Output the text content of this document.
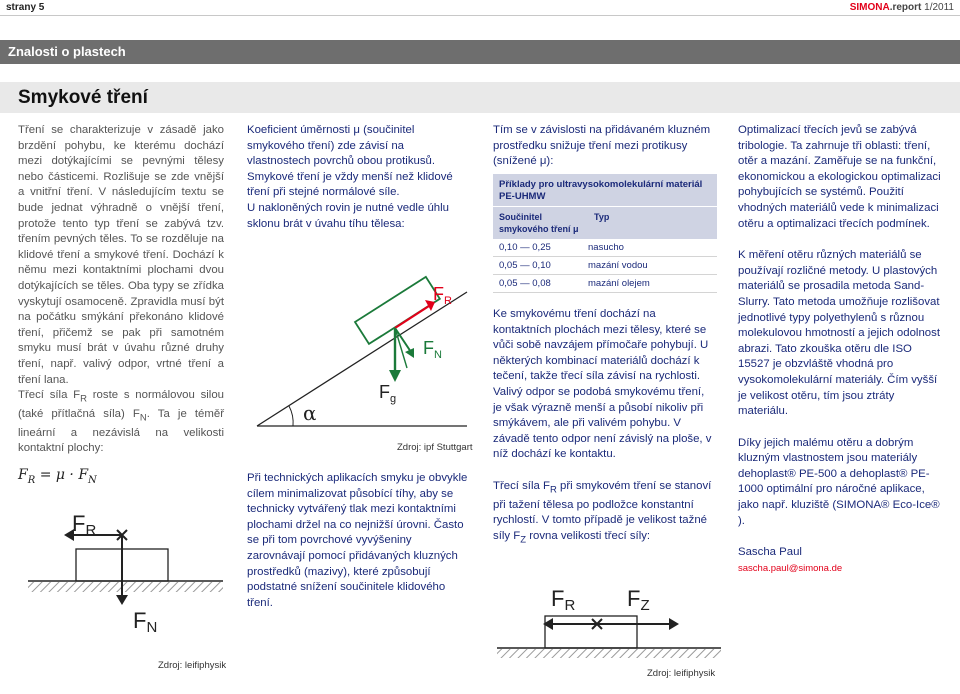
strany 5	SIMONA.report 1/2011
Znalosti o plastech
Smykové tření

Tření se charakterizuje v zásadě jako brzdění pohybu, ke kterému dochází mezi dotýkajícími se pevnými tělesy nebo částicemi. Rozlišuje se zde vnější a vnitřní tření. V následujícím textu se bude jednat výhradně o vnější tření, protože tento typ tření se zabývá tzv. třením pevných těles. To se rozděluje na klidové tření a smykové tření. Dochází k němu mezi kontaktními plochami dvou dotýkajících se těles. Oba typy se zřídka vyskytují osamoceně. Zpravidla musí být na počátku smýkání překonáno klidové tření, přičemž se pak při samotném smyku musí brát v úvahu různé druhy tření, např. valivý odpor, vrtné tření a tření lana.

Třecí síla $F_R$ roste s normálovou silou (také přítlačná síla) $F_N$. Ta je téměř lineární a nezávislá na velikosti kontaktní plochy:

$F_R = \mu \cdot F_N$
FR
FN
Zdroj: leifiphysik

Koeficient úměrnosti μ (součinitel smykového tření) zde závisí na vlastnostech povrchů obou protikusů. Smykové tření je vždy menší než klidové tření při stejné normálové síle.

U nakloněných rovin je nutné vedle úhlu sklonu brát v úvahu tíhu tělesa:

α
$F_R$
$F_N$
$F_g$
Zdroj: ipf Stuttgart

Při technických aplikacích smyku je obvykle cílem minimalizovat působící tíhy, aby se technicky vytvářený tlak mezi kontaktními plochami držel na co nejnižší úrovni. Často se při tom povrchové vyvýšeniny zarovnávají pomocí přidávaných kluzných prostředků (mazivy), které způsobují podstatné snížení součinitele klidového tření.

Tím se v závislosti na přidávaném kluzném prostředku snižuje tření mezi protikusy (snížené μ):

Příklady pro ultravysokomolekulární materiál PE-UHMW
Součinitel smykového tření μ
Typ
0,10 — 0,25	nasucho
0,05 — 0,10	mazání vodou
0,05 — 0,08	mazání olejem

Ke smykovému tření dochází na kontaktních plochách mezi tělesy, které se vůči sobě navzájem přímočaře pohybují. U některých kombinací materiálů dochází k tečení, takže třecí síla závisí na rychlosti. Valivý odpor se podobá smykovému tření, je však výrazně menší a působí nikoliv při smýkávem, ale při valivém pohybu. V závadě tento odpor není závislý na ploše, v níž dochází ke kontaktu.

Třecí síla $F_R$ při smykovém tření se stanoví při tažení tělesa po podložce konstantní rychlostí. V tomto případě je velikost tažné síly $F_Z$ rovna velikosti třecí síly:

FR FZ
Zdroj: leifiphysik

Optimalizací třecích jevů se zabývá tribologie. Ta zahrnuje tři oblasti: tření, otěr a mazání. Zaměřuje se na funkční, ekonomickou a ekologickou optimalizaci pohybujících se systémů. Použití vhodných materiálů vede k minimalizaci otěru a optimalizaci třecích podmínek.

K měření otěru různých materiálů se používají rozličné metody. U plastových materiálů se prosadila metoda Sand-Slurry. Tato metoda umožňuje rozlišovat jednotlivé typy polyethylenů s různou molekulovou hmotností a jejich odolnost abrazi. Tato zkouška otěru dle ISO 15527 je obzvláště vhodná pro vysokomolekulární materiály. Čím vyšší je velikost otěru, tím jsou ztráty materiálu.

Díky jejich malému otěru a dobrým kluzným vlastnostem jsou materiály dehoplast® PE-500 a dehoplast® PE-1000 optimální pro náročné aplikace, jako např. kluziště (SIMONA® Eco-Ice® ).

Sascha Paul

sascha.paul@simona.de
